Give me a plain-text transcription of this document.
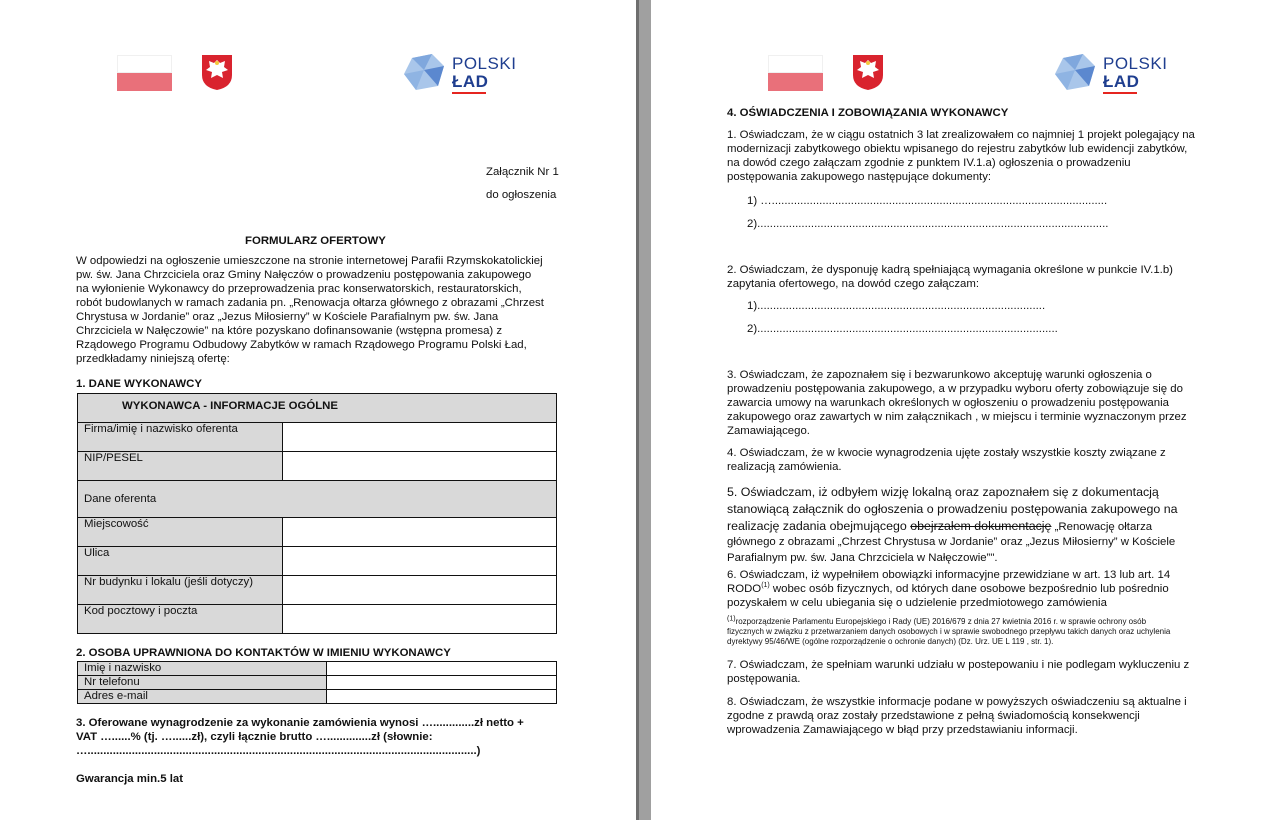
POLSKI
ŁAD
Załącznik Nr 1
do ogłoszenia
FORMULARZ OFERTOWY
W odpowiedzi na ogłoszenie umieszczone na stronie internetowej Parafii Rzymskokatolickiej
pw. św. Jana Chrzciciela oraz Gminy Nałęczów o prowadzeniu postępowania zakupowego
na wyłonienie Wykonawcy do przeprowadzenia prac konserwatorskich, restauratorskich,
robót budowlanych w ramach zadania pn. „Renowacja ołtarza głównego z obrazami „Chrzest
Chrystusa w Jordanie” oraz „Jezus Miłosierny” w Kościele Parafialnym pw. św. Jana
Chrzciciela w Nałęczowie” na które pozyskano dofinansowanie (wstępna promesa) z
Rządowego Programu Odbudowy Zabytków w ramach Rządowego Programu Polski Ład,
przedkładamy niniejszą ofertę:
1. DANE WYKONAWCY
WYKONAWCA - INFORMACJE OGÓLNE	
Firma/imię i nazwisko oferenta	
NIP/PESEL	
Dane oferenta	
Miejscowość	
Ulica	
Nr budynku i lokalu (jeśli dotyczy)	
Kod pocztowy i poczta	
2. OSOBA UPRAWNIONA DO KONTAKTÓW W IMIENIU WYKONAWCY
Imię i nazwisko	
Nr telefonu	
Adres e-mail	
3. Oferowane wynagrodzenie za wykonanie zamówienia wynosi ….............zł netto +
VAT …......% (tj. …......zł), czyli łącznie brutto …..............zł (słownie:
…...........................................................................................................................)
Gwarancja min.5 lat
POLSKI
ŁAD
4. OŚWIADCZENIA I ZOBOWIĄZANIA WYKONAWCY
1. Oświadczam, że w ciągu ostatnich 3 lat zrealizowałem co najmniej 1 projekt polegający na
modernizacji zabytkowego obiektu wpisanego do rejestru zabytków lub ewidencji zabytków,
na dowód czego załączam zgodnie z punktem IV.1.a) ogłoszenia o prowadzeniu
postępowania zakupowego następujące dokumenty:
1) …..........................................................................................................
2)...............................................................................................................
2. Oświadczam, że dysponuję kadrą spełniającą wymagania określone w punkcie IV.1.b)
zapytania ofertowego, na dowód czego załączam:
1)...........................................................................................
2)...............................................................................................
3. Oświadczam, że zapoznałem się i bezwarunkowo akceptuję warunki ogłoszenia o
prowadzeniu postępowania zakupowego, a w przypadku wyboru oferty zobowiązuje się do
zawarcia umowy na warunkach określonych w ogłoszeniu o prowadzeniu postępowania
zakupowego oraz zawartych w nim załącznikach , w miejscu i terminie wyznaczonym przez
Zamawiającego.
4. Oświadczam, że w kwocie wynagrodzenia ujęte zostały wszystkie koszty związane z
realizacją zamówienia.
5. Oświadczam, iż odbyłem wizję lokalną oraz zapoznałem się z dokumentacją
stanowiącą załącznik do ogłoszenia o prowadzeniu postępowania zakupowego na
realizację zadania obejmującego obejrzałem dokumentację „Renowację ołtarza
głównego z obrazami „Chrzest Chrystusa w Jordanie” oraz „Jezus Miłosierny” w Kościele
Parafialnym pw. św. Jana Chrzciciela w Nałęczowie”".
6. Oświadczam, iż wypełniłem obowiązki informacyjne przewidziane w art. 13 lub art. 14
RODO$^{(1)}$ wobec osób fizycznych, od których dane osobowe bezpośrednio lub pośrednio
pozyskałem w celu ubiegania się o udzielenie przedmiotowego zamówienia
(1)rozporządzenie Parlamentu Europejskiego i Rady (UE) 2016/679 z dnia 27 kwietnia 2016 r. w sprawie ochrony osób
fizycznych w związku z przetwarzaniem danych osobowych i w sprawie swobodnego przepływu takich danych oraz uchylenia
dyrektywy 95/46/WE (ogólne rozporządzenie o ochronie danych) (Dz. Urz. UE L 119 , str. 1).
7. Oświadczam, że spełniam warunki udziału w postepowaniu i nie podlegam wykluczeniu z
postępowania.
8. Oświadczam, że wszystkie informacje podane w powyższych oświadczeniu są aktualne i
zgodne z prawdą oraz zostały przedstawione z pełną świadomością konsekwencji
wprowadzenia Zamawiającego w błąd przy przedstawianiu informacji.
